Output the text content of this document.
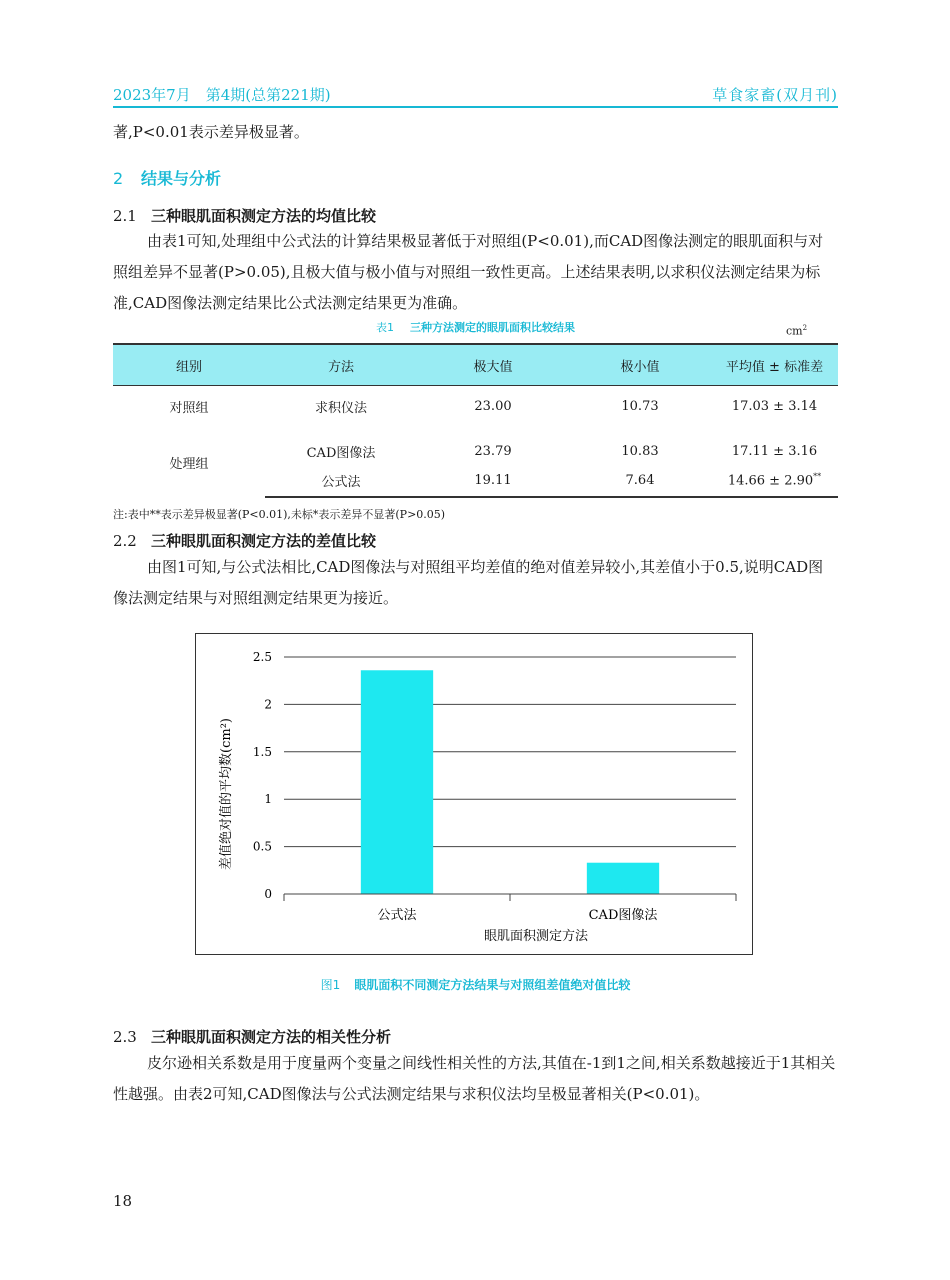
2023年7月　第4期(总第221期)	草食家畜(双月刊)
著,P<0.01表示差异极显著。
2 结果与分析
2.1 三种眼肌面积测定方法的均值比较
由表1可知,处理组中公式法的计算结果极显著低于对照组(P<0.01),而CAD图像法测定的眼肌面积与对照组差异不显著(P>0.05),且极大值与极小值与对照组一致性更高。上述结果表明,以求积仪法测定结果为标准,CAD图像法测定结果比公式法测定结果更为准确。
表1 三种方法测定的眼肌面积比较结果	$cm^2$
组别	方法	极大值	极小值	平均值 ± 标准差
对照组	求积仪法	23.00	10.73	17.03 ± 3.14
处理组	CAD图像法	23.79	10.83	17.11 ± 3.16
	公式法	19.11	7.64	14.66 ± 2.90**
注:表中**表示差异极显著(P<0.01),未标*表示差异不显著(P>0.05)
2.2 三种眼肌面积测定方法的差值比较
由图1可知,与公式法相比,CAD图像法与对照组平均差值的绝对值差异较小,其差值小于0.5,说明CAD图像法测定结果与对照组测定结果更为接近。
0
0.5
1
1.5
2
2.5
公式法	CAD图像法
差值绝对值的平均数(cm²)
眼肌面积测定方法
图1 眼肌面积不同测定方法结果与对照组差值绝对值比较
2.3 三种眼肌面积测定方法的相关性分析
皮尔逊相关系数是用于度量两个变量之间线性相关性的方法,其值在-1到1之间,相关系数越接近于1其相关性越强。由表2可知,CAD图像法与公式法测定结果与求积仪法均呈极显著相关(P<0.01)。
18
